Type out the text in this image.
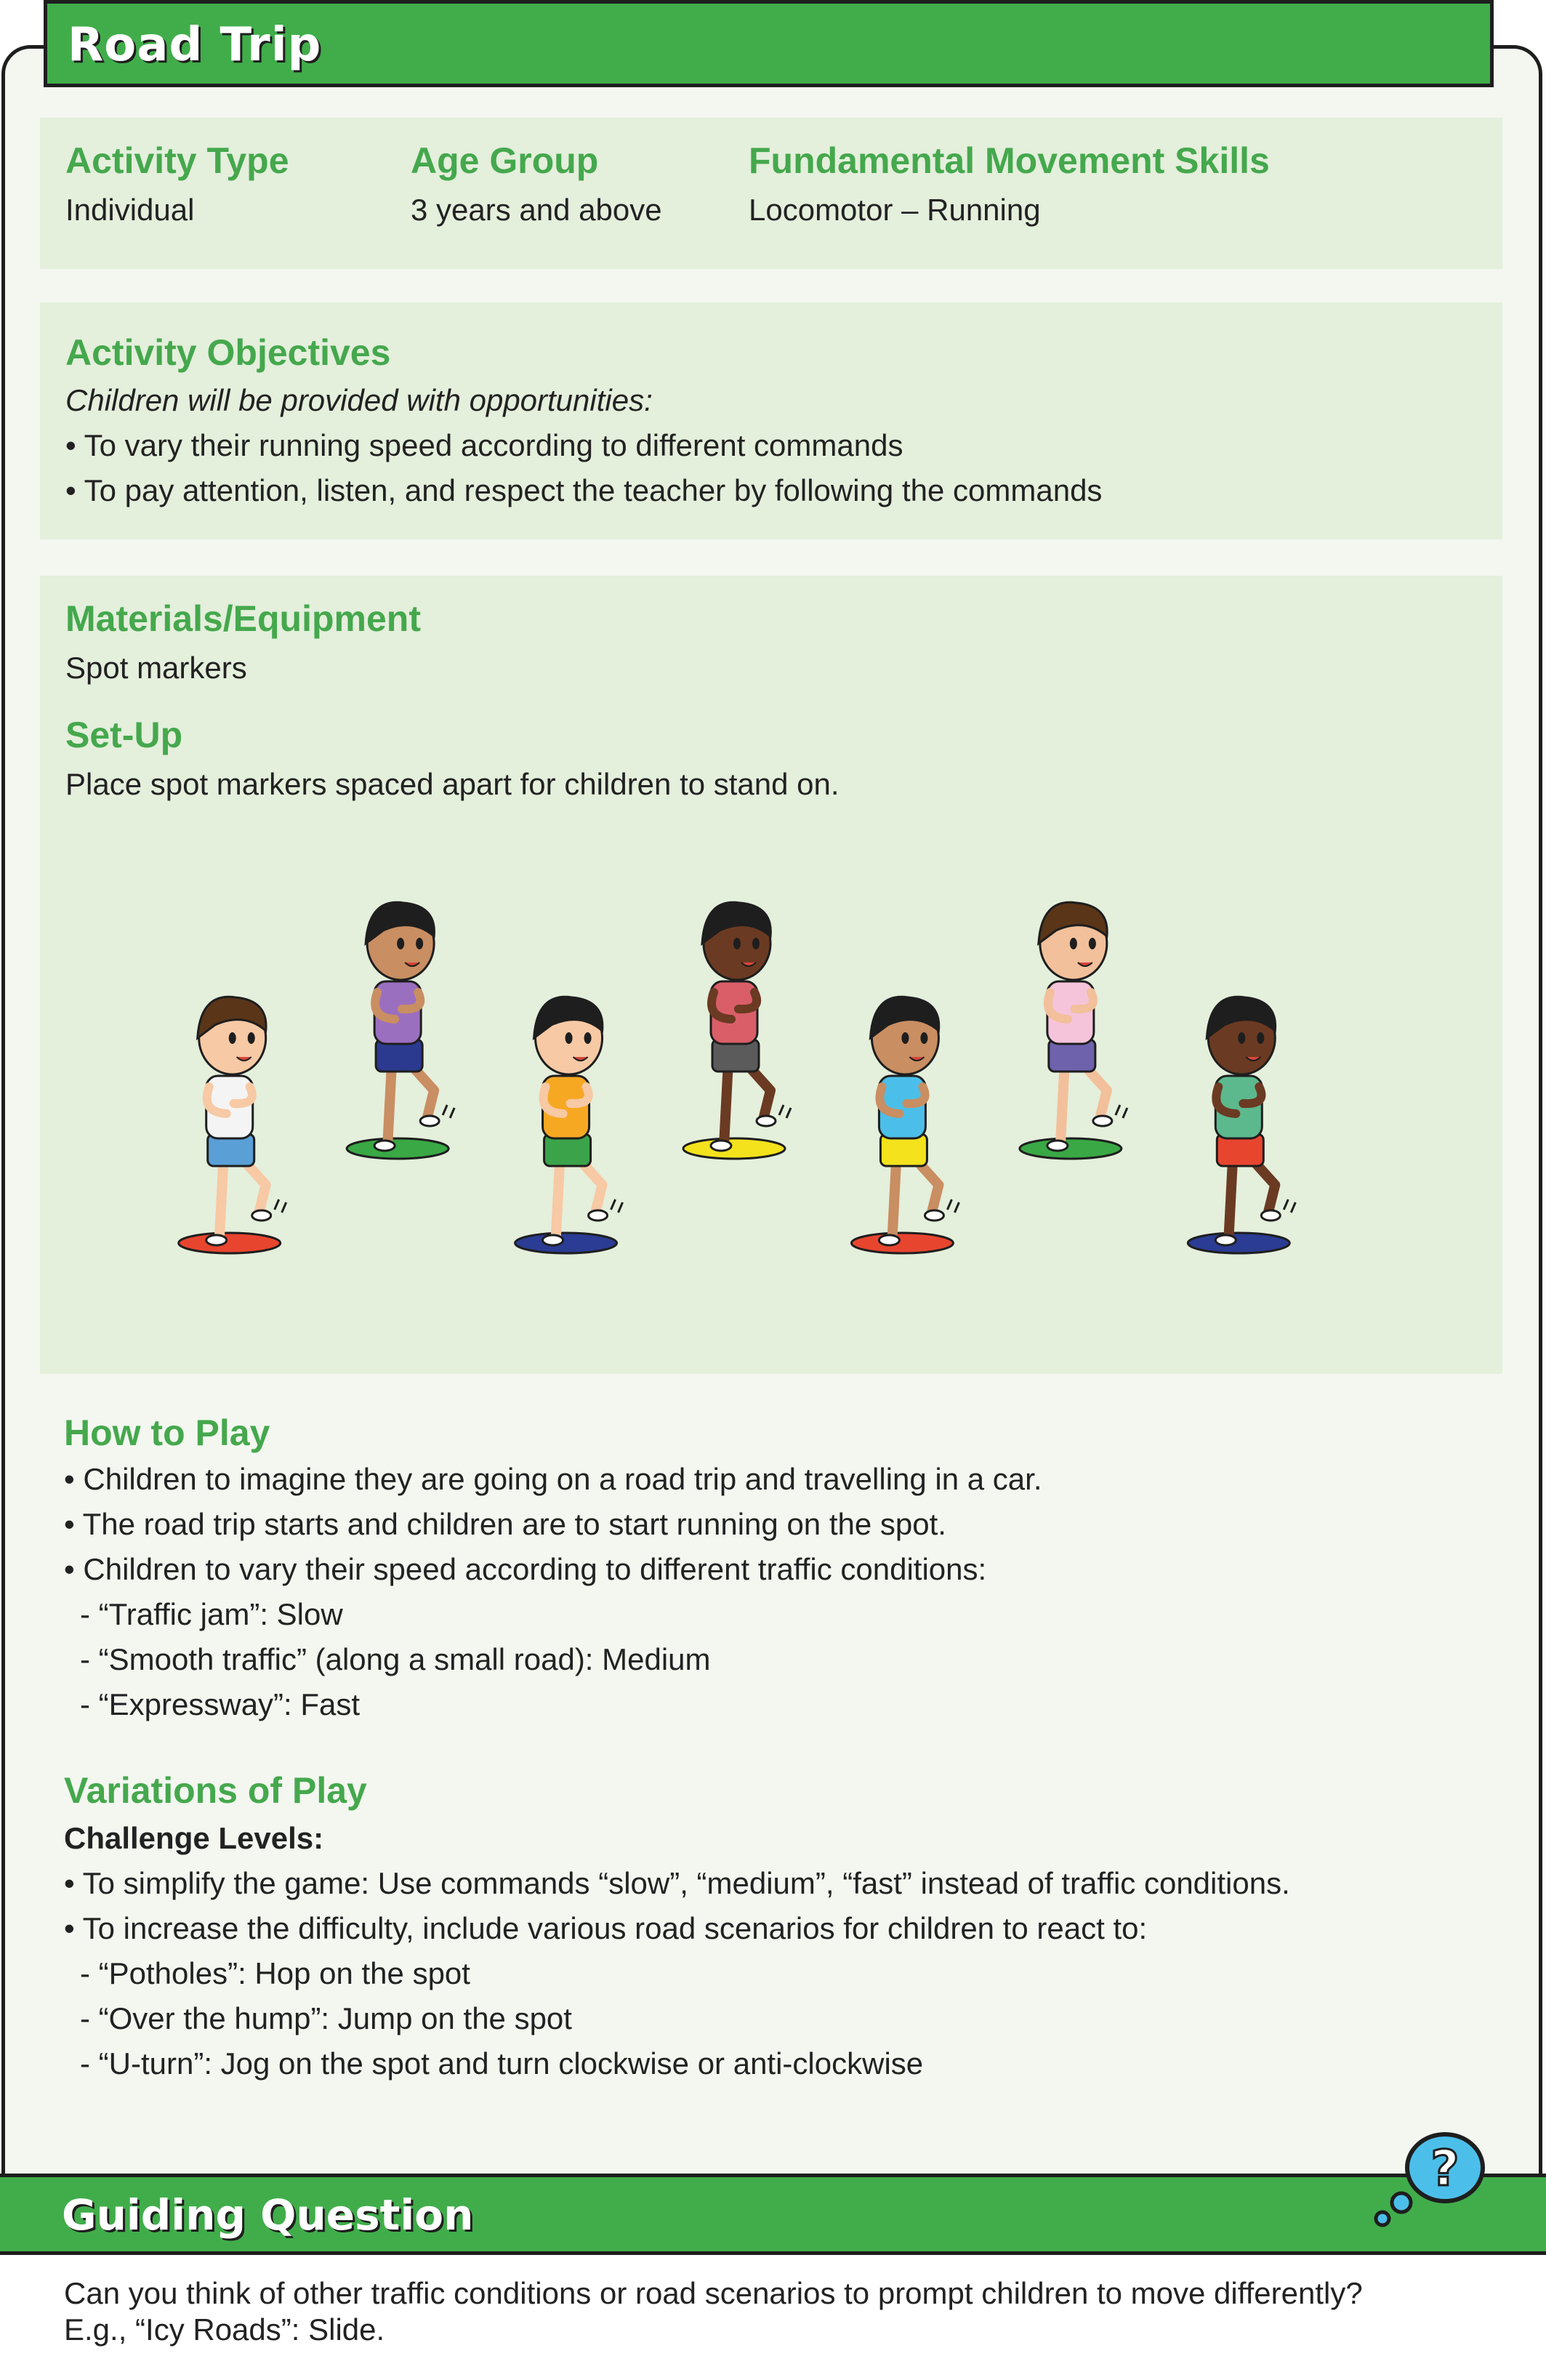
Road Trip
Activity Type
Individual
Age Group
3 years and above
Fundamental Movement Skills
Locomotor – Running
Activity Objectives
Children will be provided with opportunities:
• To vary their running speed according to different commands
• To pay attention, listen, and respect the teacher by following the commands
Materials/Equipment
Spot markers
Set-Up
Place spot markers spaced apart for children to stand on.
How to Play
• Children to imagine they are going on a road trip and travelling in a car.
• The road trip starts and children are to start running on the spot.
• Children to vary their speed according to different traffic conditions:
- “Traffic jam”: Slow
- “Smooth traffic” (along a small road): Medium
- “Expressway”: Fast
Variations of Play
Challenge Levels:
• To simplify the game: Use commands “slow”, “medium”, “fast” instead of traffic conditions.
• To increase the difficulty, include various road scenarios for children to react to:
- “Potholes”: Hop on the spot
- “Over the hump”: Jump on the spot
- “U-turn”: Jog on the spot and turn clockwise or anti-clockwise
Guiding Question
Can you think of other traffic conditions or road scenarios to prompt children to move differently?
E.g., “Icy Roads”: Slide.
?
